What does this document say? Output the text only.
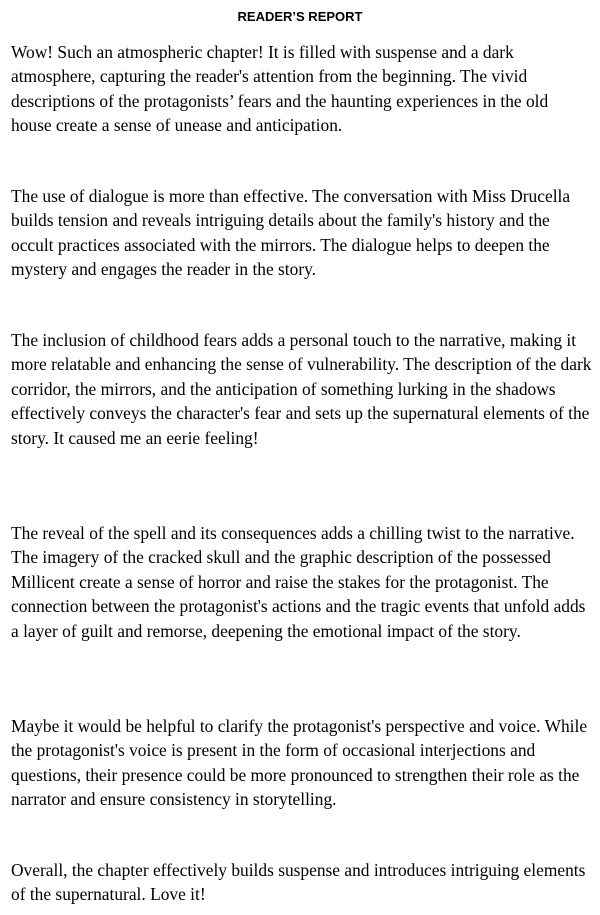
READER’S REPORT

Wow! Such an atmospheric chapter! It is filled with suspense and a dark atmosphere, capturing the reader's attention from the beginning. The vivid descriptions of the protagonists’ fears and the haunting experiences in the old house create a sense of unease and anticipation.

The use of dialogue is more than effective. The conversation with Miss Drucella builds tension and reveals intriguing details about the family's history and the occult practices associated with the mirrors. The dialogue helps to deepen the mystery and engages the reader in the story.

The inclusion of childhood fears adds a personal touch to the narrative, making it more relatable and enhancing the sense of vulnerability. The description of the dark corridor, the mirrors, and the anticipation of something lurking in the shadows effectively conveys the character's fear and sets up the supernatural elements of the story. It caused me an eerie feeling!

The reveal of the spell and its consequences adds a chilling twist to the narrative. The imagery of the cracked skull and the graphic description of the possessed Millicent create a sense of horror and raise the stakes for the protagonist. The connection between the protagonist's actions and the tragic events that unfold adds a layer of guilt and remorse, deepening the emotional impact of the story.

Maybe it would be helpful to clarify the protagonist's perspective and voice. While the protagonist's voice is present in the form of occasional interjections and questions, their presence could be more pronounced to strengthen their role as the narrator and ensure consistency in storytelling.

Overall, the chapter effectively builds suspense and introduces intriguing elements of the supernatural. Love it!
